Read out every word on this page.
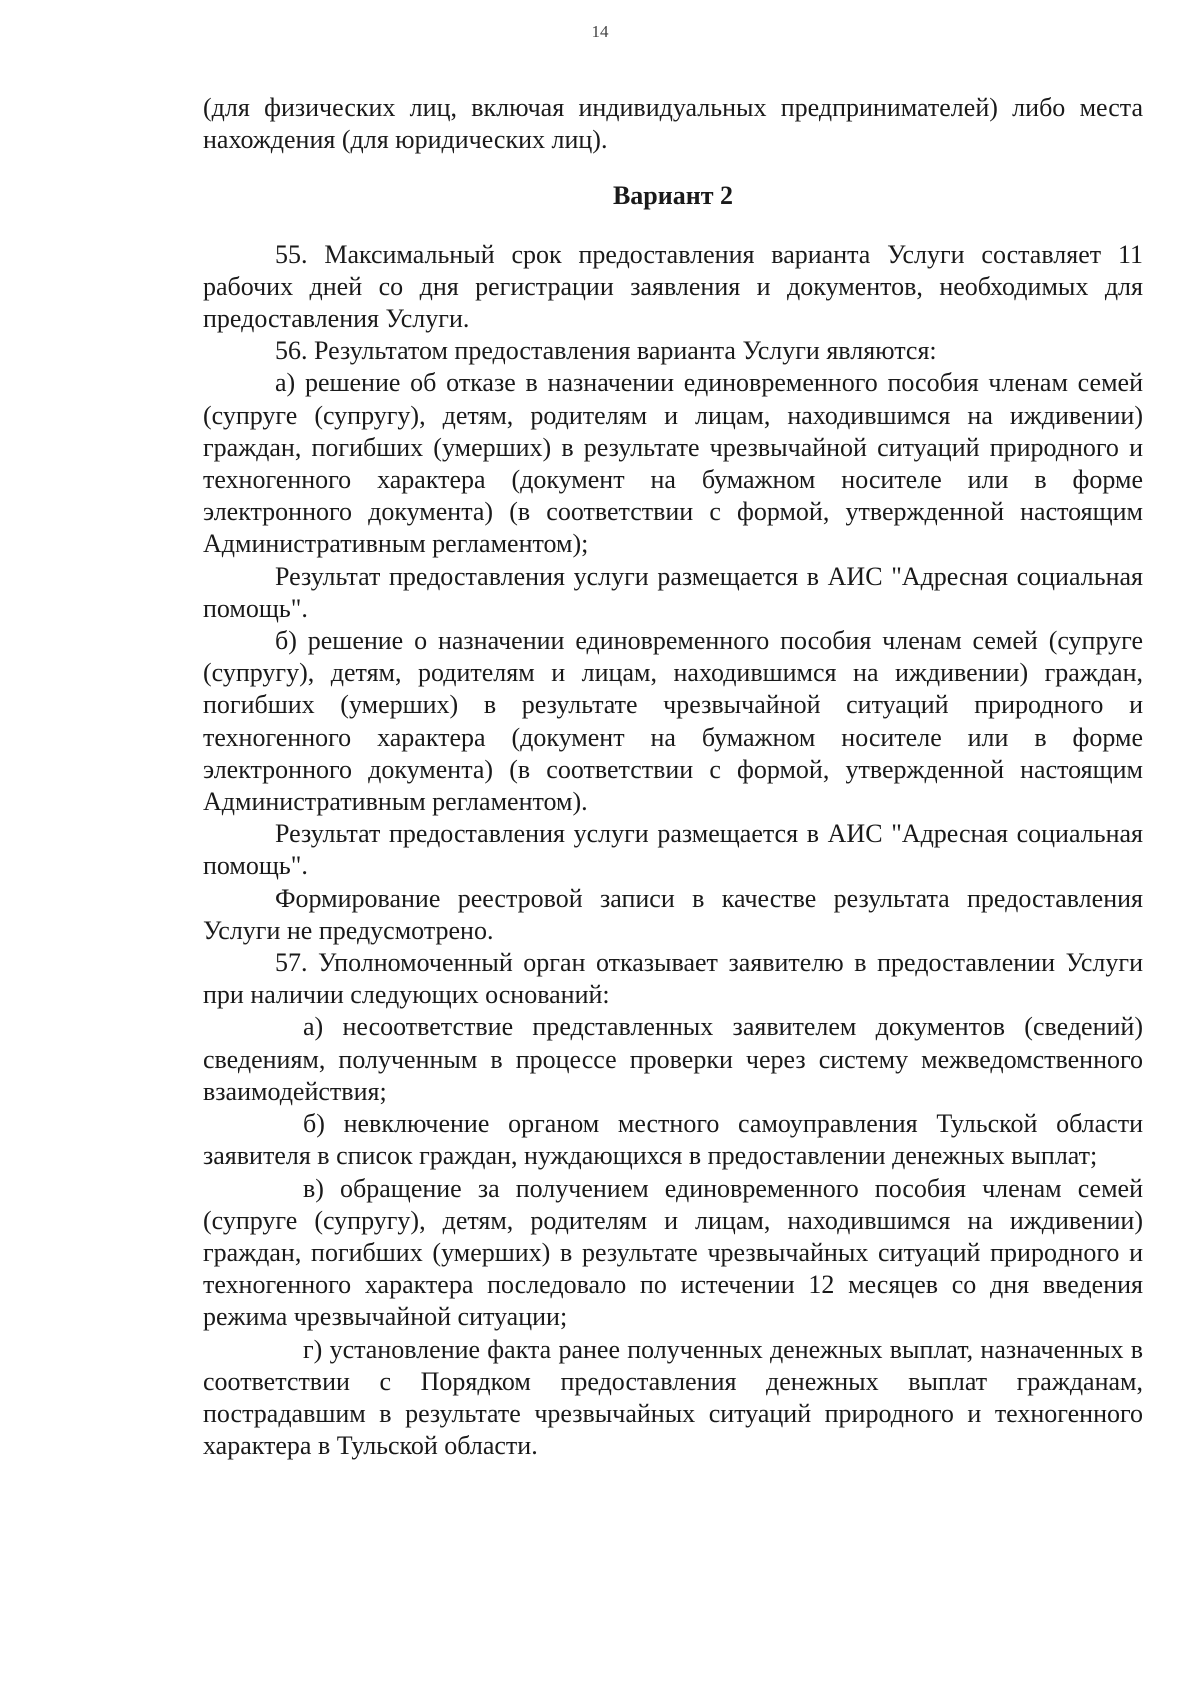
14

(для физических лиц, включая индивидуальных предпринимателей) либо места нахождения (для юридических лиц).

Вариант 2

55. Максимальный срок предоставления варианта Услуги составляет 11 рабочих дней со дня регистрации заявления и документов, необходимых для предоставления Услуги.

56. Результатом предоставления варианта Услуги являются:

а) решение об отказе в назначении единовременного пособия членам семей (супруге (супругу), детям, родителям и лицам, находившимся на иждивении) граждан, погибших (умерших) в результате чрезвычайной ситуаций природного и техногенного характера (документ на бумажном носителе или в форме электронного документа) (в соответствии с формой, утвержденной настоящим Административным регламентом);

Результат предоставления услуги размещается в АИС "Адресная социальная помощь".

б) решение о назначении единовременного пособия членам семей (супруге (супругу), детям, родителям и лицам, находившимся на иждивении) граждан, погибших (умерших) в результате чрезвычайной ситуаций природного и техногенного характера (документ на бумажном носителе или в форме электронного документа) (в соответствии с формой, утвержденной настоящим Административным регламентом).

Результат предоставления услуги размещается в АИС "Адресная социальная помощь".

Формирование реестровой записи в качестве результата предоставления Услуги не предусмотрено.

57. Уполномоченный орган отказывает заявителю в предоставлении Услуги при наличии следующих оснований:

а) несоответствие представленных заявителем документов (сведений) сведениям, полученным в процессе проверки через систему межведомственного взаимодействия;

б) невключение органом местного самоуправления Тульской области заявителя в список граждан, нуждающихся в предоставлении денежных выплат;

в) обращение за получением единовременного пособия членам семей (супруге (супругу), детям, родителям и лицам, находившимся на иждивении) граждан, погибших (умерших) в результате чрезвычайных ситуаций природного и техногенного характера последовало по истечении 12 месяцев со дня введения режима чрезвычайной ситуации;

г) установление факта ранее полученных денежных выплат, назначенных в соответствии с Порядком предоставления денежных выплат гражданам, пострадавшим в результате чрезвычайных ситуаций природного и техногенного характера в Тульской области.
